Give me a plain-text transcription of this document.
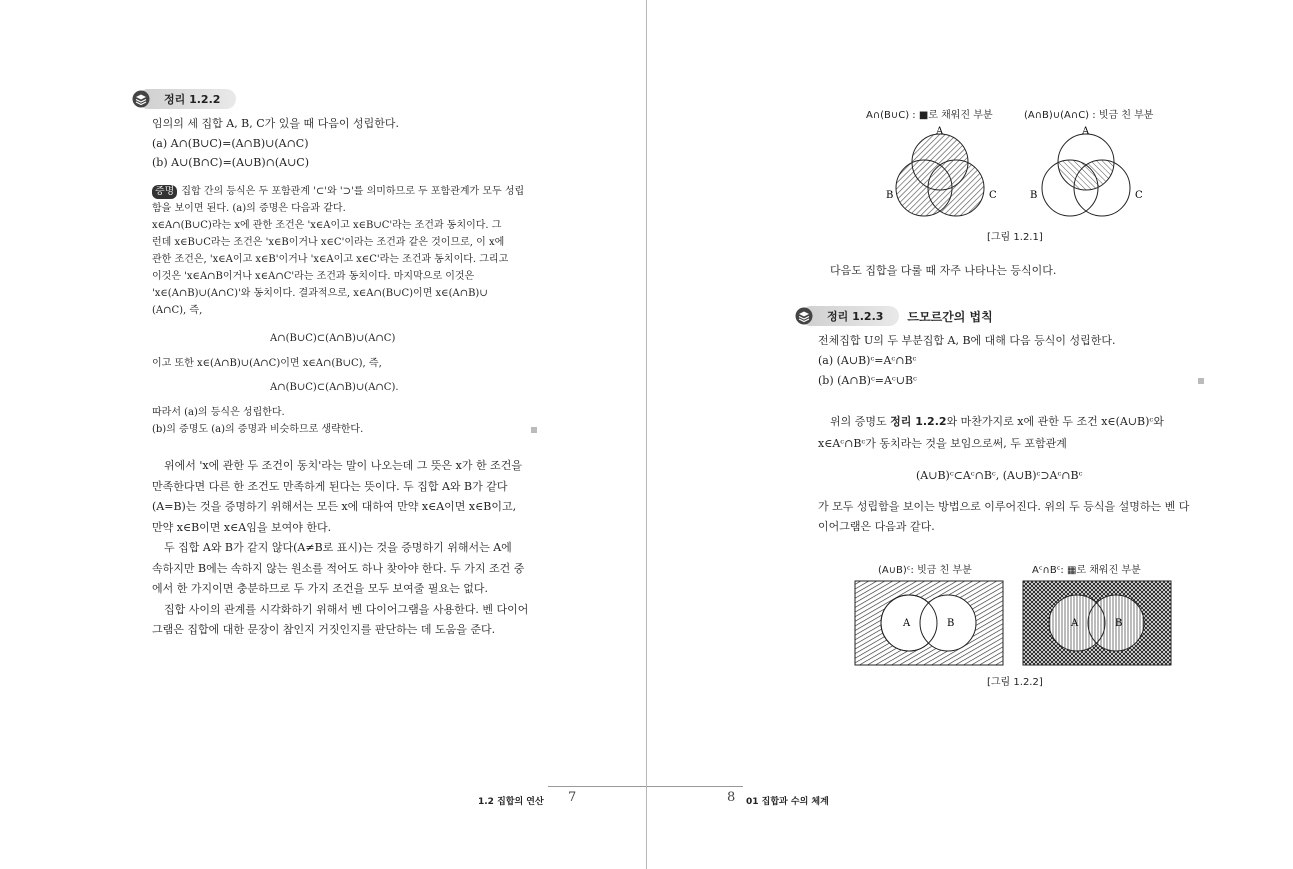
정리 1.2.2
임의의 세 집합 A, B, C가 있을 때 다음이 성립한다.
(a) A∩(B∪C)=(A∩B)∪(A∩C)
(b) A∪(B∩C)=(A∪B)∩(A∪C)
증명 집합 간의 등식은 두 포함관계 '⊂'와 '⊃'를 의미하므로 두 포함관계가 모두 성립
함을 보이면 된다. (a)의 증명은 다음과 같다.
x∈A∩(B∪C)라는 x에 관한 조건은 'x∈A이고 x∈B∪C'라는 조건과 동치이다. 그
런데 x∈B∪C라는 조건은 'x∈B이거나 x∈C'이라는 조건과 같은 것이므로, 이 x에
관한 조건은, 'x∈A이고 x∈B'이거나 'x∈A이고 x∈C'라는 조건과 동치이다. 그리고
이것은 'x∈A∩B이거나 x∈A∩C'라는 조건과 동치이다. 마지막으로 이것은
'x∈(A∩B)∪(A∩C)'와 동치이다. 결과적으로, x∈A∩(B∪C)이면 x∈(A∩B)∪
(A∩C), 즉,
A∩(B∪C)⊂(A∩B)∪(A∩C)
이고 또한 x∈(A∩B)∪(A∩C)이면 x∈A∩(B∪C), 즉,
A∩(B∪C)⊂(A∩B)∪(A∩C).
따라서 (a)의 등식은 성립한다.
(b)의 증명도 (a)의 증명과 비슷하므로 생략한다.
위에서 'x에 관한 두 조건이 동치'라는 말이 나오는데 그 뜻은 x가 한 조건을
만족한다면 다른 한 조건도 만족하게 된다는 뜻이다. 두 집합 A와 B가 같다
(A=B)는 것을 증명하기 위해서는 모든 x에 대하여 만약 x∈A이면 x∈B이고,
만약 x∈B이면 x∈A임을 보여야 한다.
두 집합 A와 B가 같지 않다(A≠B로 표시)는 것을 증명하기 위해서는 A에
속하지만 B에는 속하지 않는 원소를 적어도 하나 찾아야 한다. 두 가지 조건 중
에서 한 가지이면 충분하므로 두 가지 조건을 모두 보여줄 필요는 없다.
집합 사이의 관계를 시각화하기 위해서 벤 다이어그램을 사용한다. 벤 다이어
그램은 집합에 대한 문장이 참인지 거짓인지를 판단하는 데 도움을 준다.
1.2 집합의 연산 7
A∩(B∪C) : ■로 채워진 부분	(A∩B)∪(A∩C) : 빗금 친 부분
A
B	C
A
B	C
[그림 1.2.1]
다음도 집합을 다룰 때 자주 나타나는 등식이다.
정리 1.2.3	드모르간의 법칙
전체집합 U의 두 부분집합 A, B에 대해 다음 등식이 성립한다.
(a) (A∪B)ᶜ=Aᶜ∩Bᶜ
(b) (A∩B)ᶜ=Aᶜ∪Bᶜ
위의 증명도 정리 1.2.2와 마찬가지로 x에 관한 두 조건 x∈(A∪B)ᶜ와
x∈Aᶜ∩Bᶜ가 동치라는 것을 보임으로써, 두 포함관계
(A∪B)ᶜ⊂Aᶜ∩Bᶜ, (A∪B)ᶜ⊃Aᶜ∩Bᶜ
가 모두 성립함을 보이는 방법으로 이루어진다. 위의 두 등식을 설명하는 벤 다
이어그램은 다음과 같다.
(A∪B)ᶜ: 빗금 친 부분	Aᶜ∩Bᶜ: ▦로 채워진 부분
A	B	A	B
[그림 1.2.2]
8 01 집합과 수의 체계
